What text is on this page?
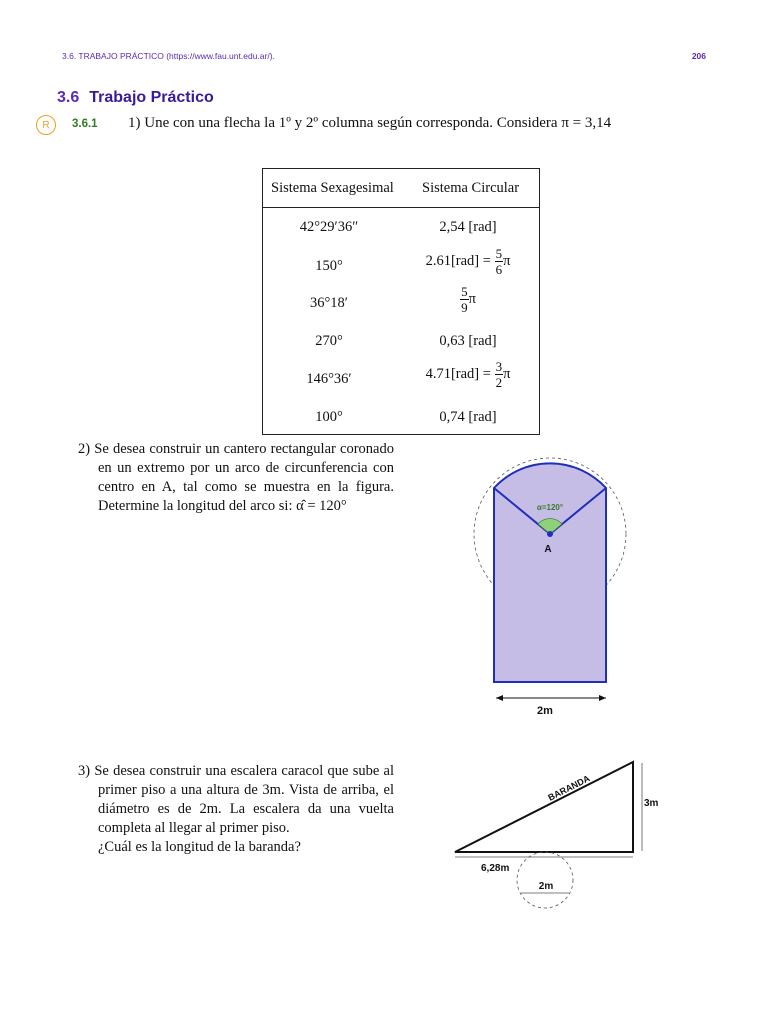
3.6. TRABAJO PRÁCTICO (https://www.fau.unt.edu.ar/).	206
3.6 Trabajo Práctico
R	3.6.1 1) Une con una flecha la 1º y 2º columna según corresponda. Considera π = 3,14
Sistema Sexagesimal Sistema Circular
42°29′36″	2,54 [rad]
150°	$2.61[rad] = \frac{5}{6}$ π
36°18′	$\frac{5}{9}$ π
270°	0,63 [rad]
146°36′	$4.71[rad] = \frac{3}{2}$ π
100°	0,74 [rad]
2) Se desea construir un cantero rectangular coronado en un extremo por un arco de circunferencia con centro en A, tal como se muestra en la figura. Determine la longitud del arco si: α̂ = 120°	α=120°
A
2m
3) Se desea construir una escalera caracol que sube al primer piso a una altura de 3m. Vista de arriba, el diámetro es de 2m. La escalera da una vuelta completa al llegar al primer piso.
¿Cuál es la longitud de la baranda?
BARANDA
3m
6,28m
2m
